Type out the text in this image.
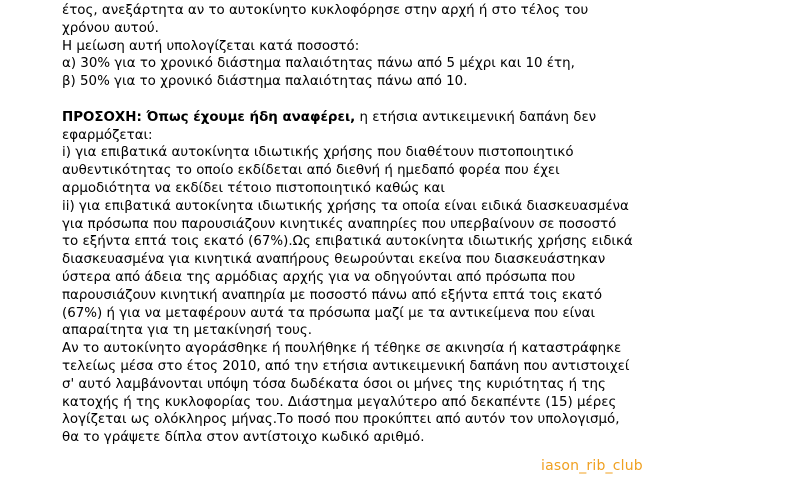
έτος, ανεξάρτητα αν το αυτοκίνητο κυκλοφόρησε στην αρχή ή στο τέλος του
χρόνου αυτού.
Η μείωση αυτή υπολογίζεται κατά ποσοστό:
α) 30% για το χρονικό διάστημα παλαιότητας πάνω από 5 μέχρι και 10 έτη,
β) 50% για το χρονικό διάστημα παλαιότητας πάνω από 10.
ΠΡΟΣΟΧΗ: Όπως έχουμε ήδη αναφέρει, η ετήσια αντικειμενική δαπάνη δεν
εφαρμόζεται:
i) για επιβατικά αυτοκίνητα ιδιωτικής χρήσης που διαθέτουν πιστοποιητικό
αυθεντικότητας το οποίο εκδίδεται από διεθνή ή ημεδαπό φορέα που έχει
αρμοδιότητα να εκδίδει τέτοιο πιστοποιητικό καθώς και
ii) για επιβατικά αυτοκίνητα ιδιωτικής χρήσης τα οποία είναι ειδικά διασκευασμένα
για πρόσωπα που παρουσιάζουν κινητικές αναπηρίες που υπερβαίνουν σε ποσοστό
το εξήντα επτά τοις εκατό (67%).Ως επιβατικά αυτοκίνητα ιδιωτικής χρήσης ειδικά
διασκευασμένα για κινητικά αναπήρους θεωρούνται εκείνα που διασκευάστηκαν
ύστερα από άδεια της αρμόδιας αρχής για να οδηγούνται από πρόσωπα που
παρουσιάζουν κινητική αναπηρία με ποσοστό πάνω από εξήντα επτά τοις εκατό
(67%) ή για να μεταφέρουν αυτά τα πρόσωπα μαζί με τα αντικείμενα που είναι
απαραίτητα για τη μετακίνησή τους.
Αν το αυτοκίνητο αγοράσθηκε ή πουλήθηκε ή τέθηκε σε ακινησία ή καταστράφηκε
τελείως μέσα στο έτος 2010, από την ετήσια αντικειμενική δαπάνη που αντιστοιχεί
σ' αυτό λαμβάνονται υπόψη τόσα δωδέκατα όσοι οι μήνες της κυριότητας ή της
κατοχής ή της κυκλοφορίας του. Διάστημα μεγαλύτερο από δεκαπέντε (15) μέρες
λογίζεται ως ολόκληρος μήνας.Το ποσό που προκύπτει από αυτόν τον υπολογισμό,
θα το γράψετε δίπλα στον αντίστοιχο κωδικό αριθμό.
iason_rib_club
